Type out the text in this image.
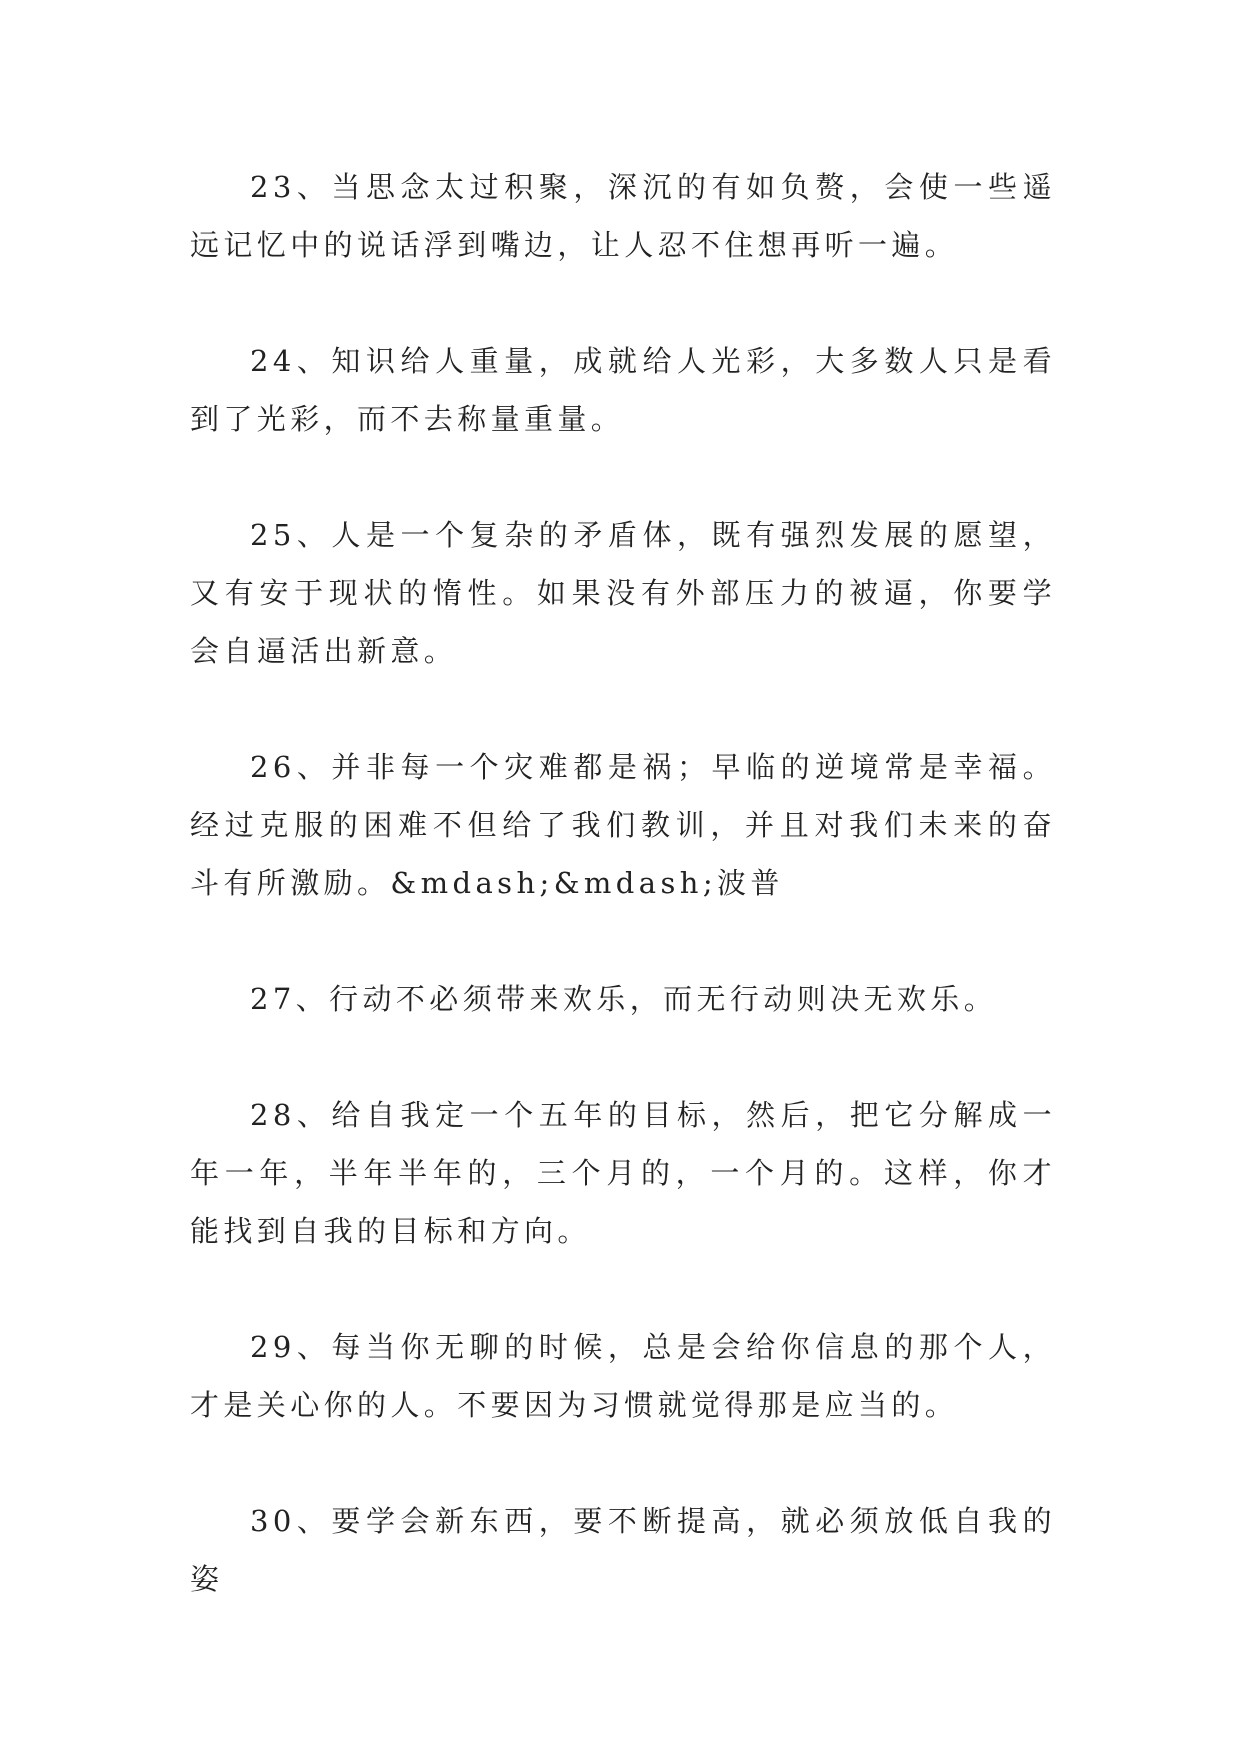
23、当思念太过积聚，深沉的有如负赘，会使一些遥远记忆中的说话浮到嘴边，让人忍不住想再听一遍。

24、知识给人重量，成就给人光彩，大多数人只是看到了光彩，而不去称量重量。

25、人是一个复杂的矛盾体，既有强烈发展的愿望，又有安于现状的惰性。如果没有外部压力的被逼，你要学会自逼活出新意。

26、并非每一个灾难都是祸；早临的逆境常是幸福。经过克服的困难不但给了我们教训，并且对我们未来的奋斗有所激励。&mdash;&mdash;波普

27、行动不必须带来欢乐，而无行动则决无欢乐。

28、给自我定一个五年的目标，然后，把它分解成一年一年，半年半年的，三个月的，一个月的。这样，你才能找到自我的目标和方向。

29、每当你无聊的时候，总是会给你信息的那个人，才是关心你的人。不要因为习惯就觉得那是应当的。

30、要学会新东西，要不断提高，就必须放低自我的姿
